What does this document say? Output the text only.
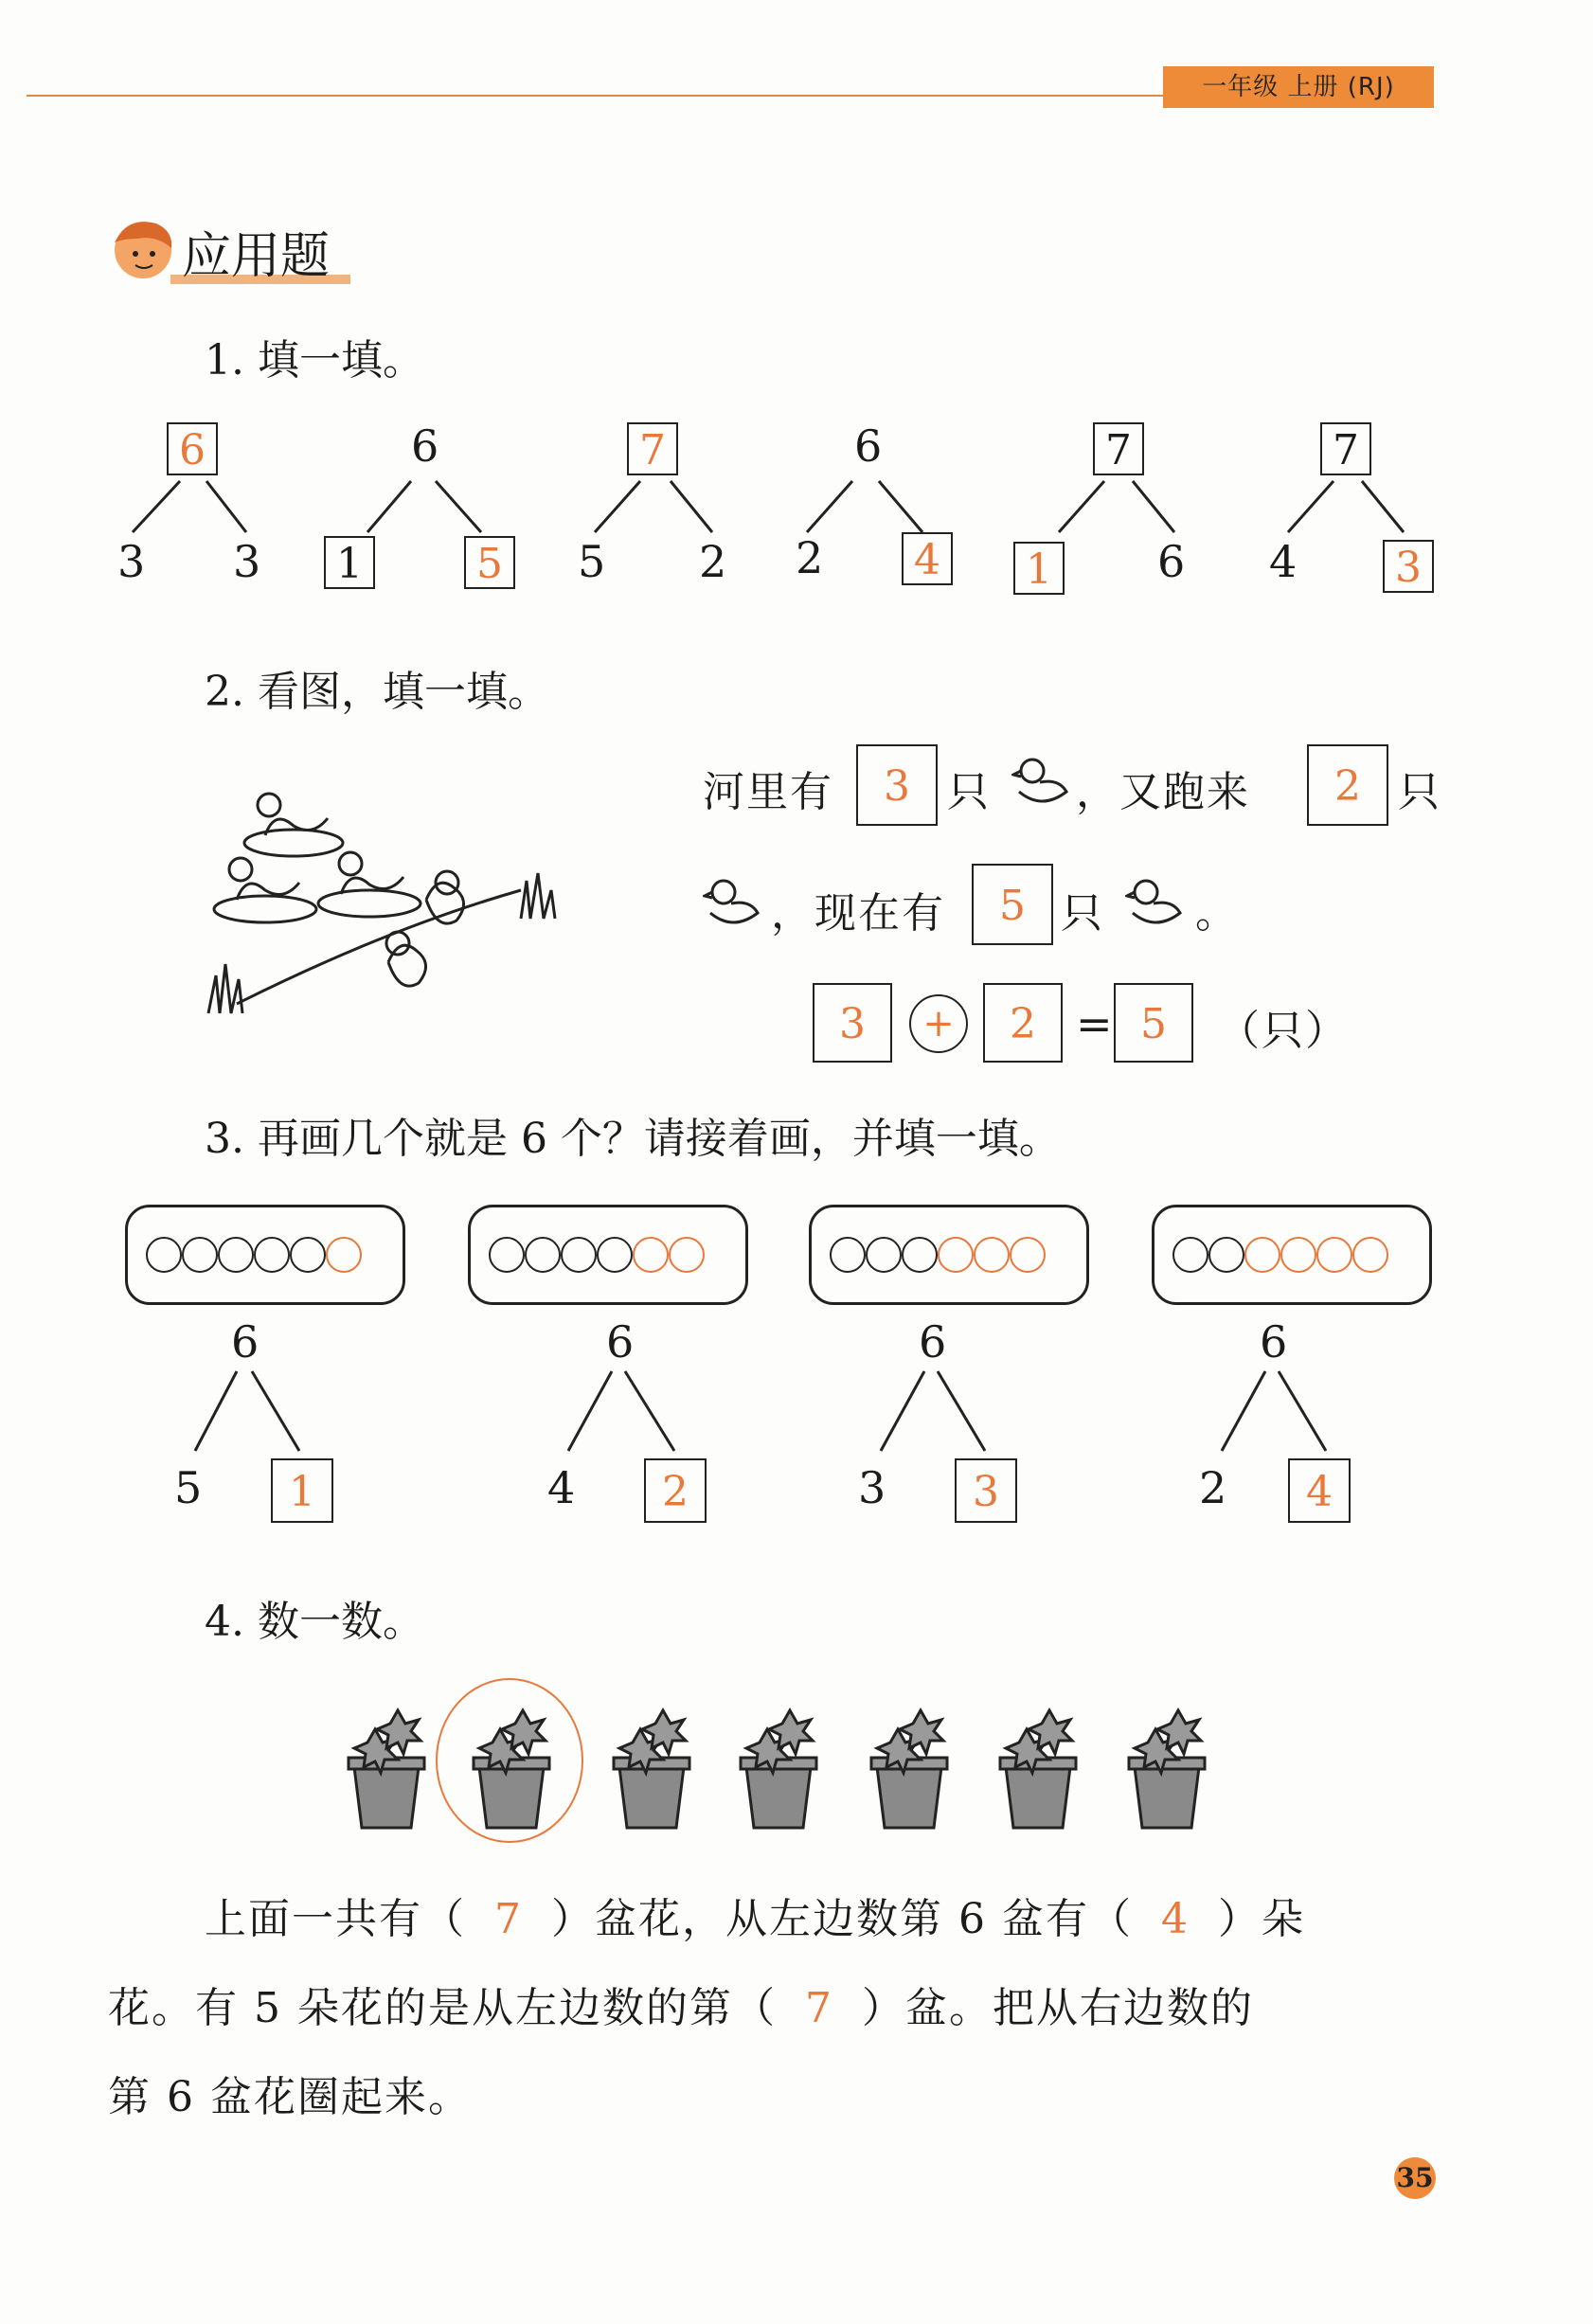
一年级 上册 (RJ)
应用题
1. 填一填。
6
3 3
6
1	5
7
5 2
6
2 4
7
1 6
7
4 3
2. 看图，填一填。
河里有	3 只 ，又跑来	2 只
，现在有	5 只 。
3	+	2 = 5	（只）
3. 再画几个就是 6 个？请接着画，并填一填。
6
5	1
6
4	2
6
3	3
6
2	4
4. 数一数。
上面一共有（ 7 ）盆花，从左边数第 6 盆有（ 4 ）朵
花。有 5 朵花的是从左边数的第（ 7 ）盆。把从右边数的
第 6 盆花圈起来。
35
